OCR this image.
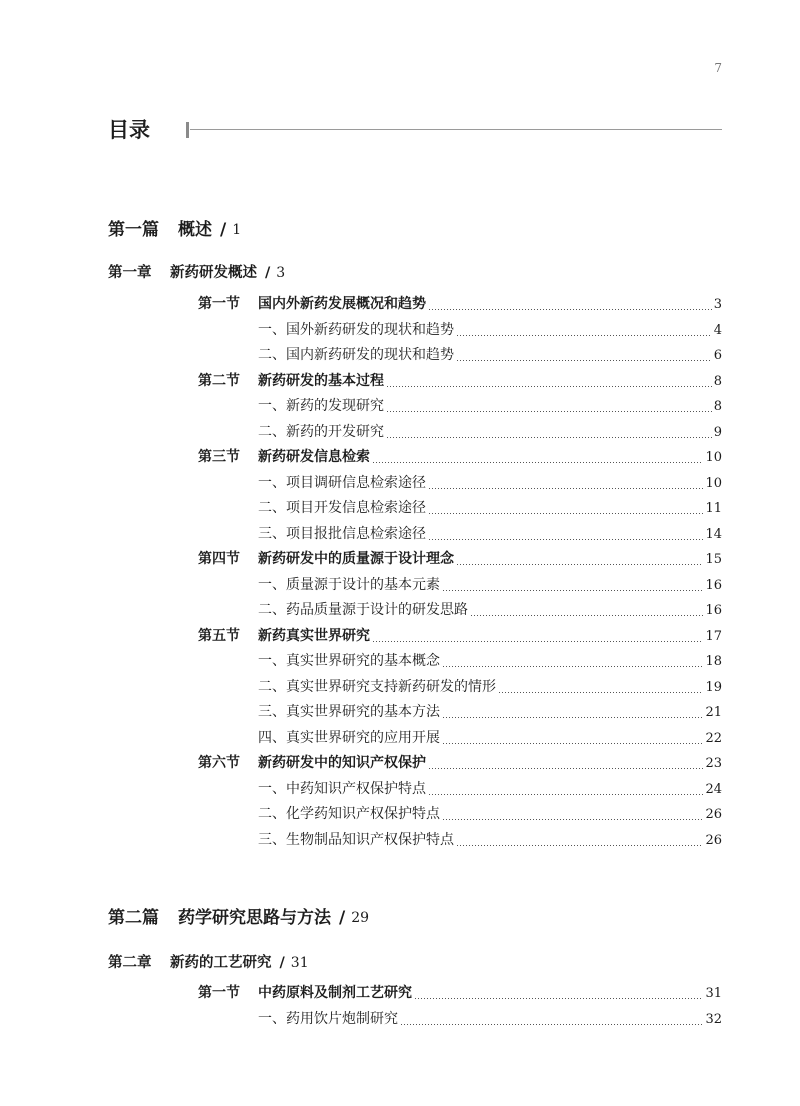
7
目录
第一篇	概述 / 1
第一章	新药研发概述 / 3
第一节	国内外新药发展概况和趋势	3
一、国外新药研发的现状和趋势	4
二、国内新药研发的现状和趋势	6
第二节	新药研发的基本过程	8
一、新药的发现研究	8
二、新药的开发研究	9
第三节	新药研发信息检索	10
一、项目调研信息检索途径	10
二、项目开发信息检索途径	11
三、项目报批信息检索途径	14
第四节	新药研发中的质量源于设计理念	15
一、质量源于设计的基本元素	16
二、药品质量源于设计的研发思路	16
第五节	新药真实世界研究	17
一、真实世界研究的基本概念	18
二、真实世界研究支持新药研发的情形	19
三、真实世界研究的基本方法	21
四、真实世界研究的应用开展	22
第六节	新药研发中的知识产权保护	23
一、中药知识产权保护特点	24
二、化学药知识产权保护特点	26
三、生物制品知识产权保护特点	26
第二篇	药学研究思路与方法 / 29
第二章	新药的工艺研究 / 31
第一节	中药原料及制剂工艺研究	31
一、药用饮片炮制研究	32
